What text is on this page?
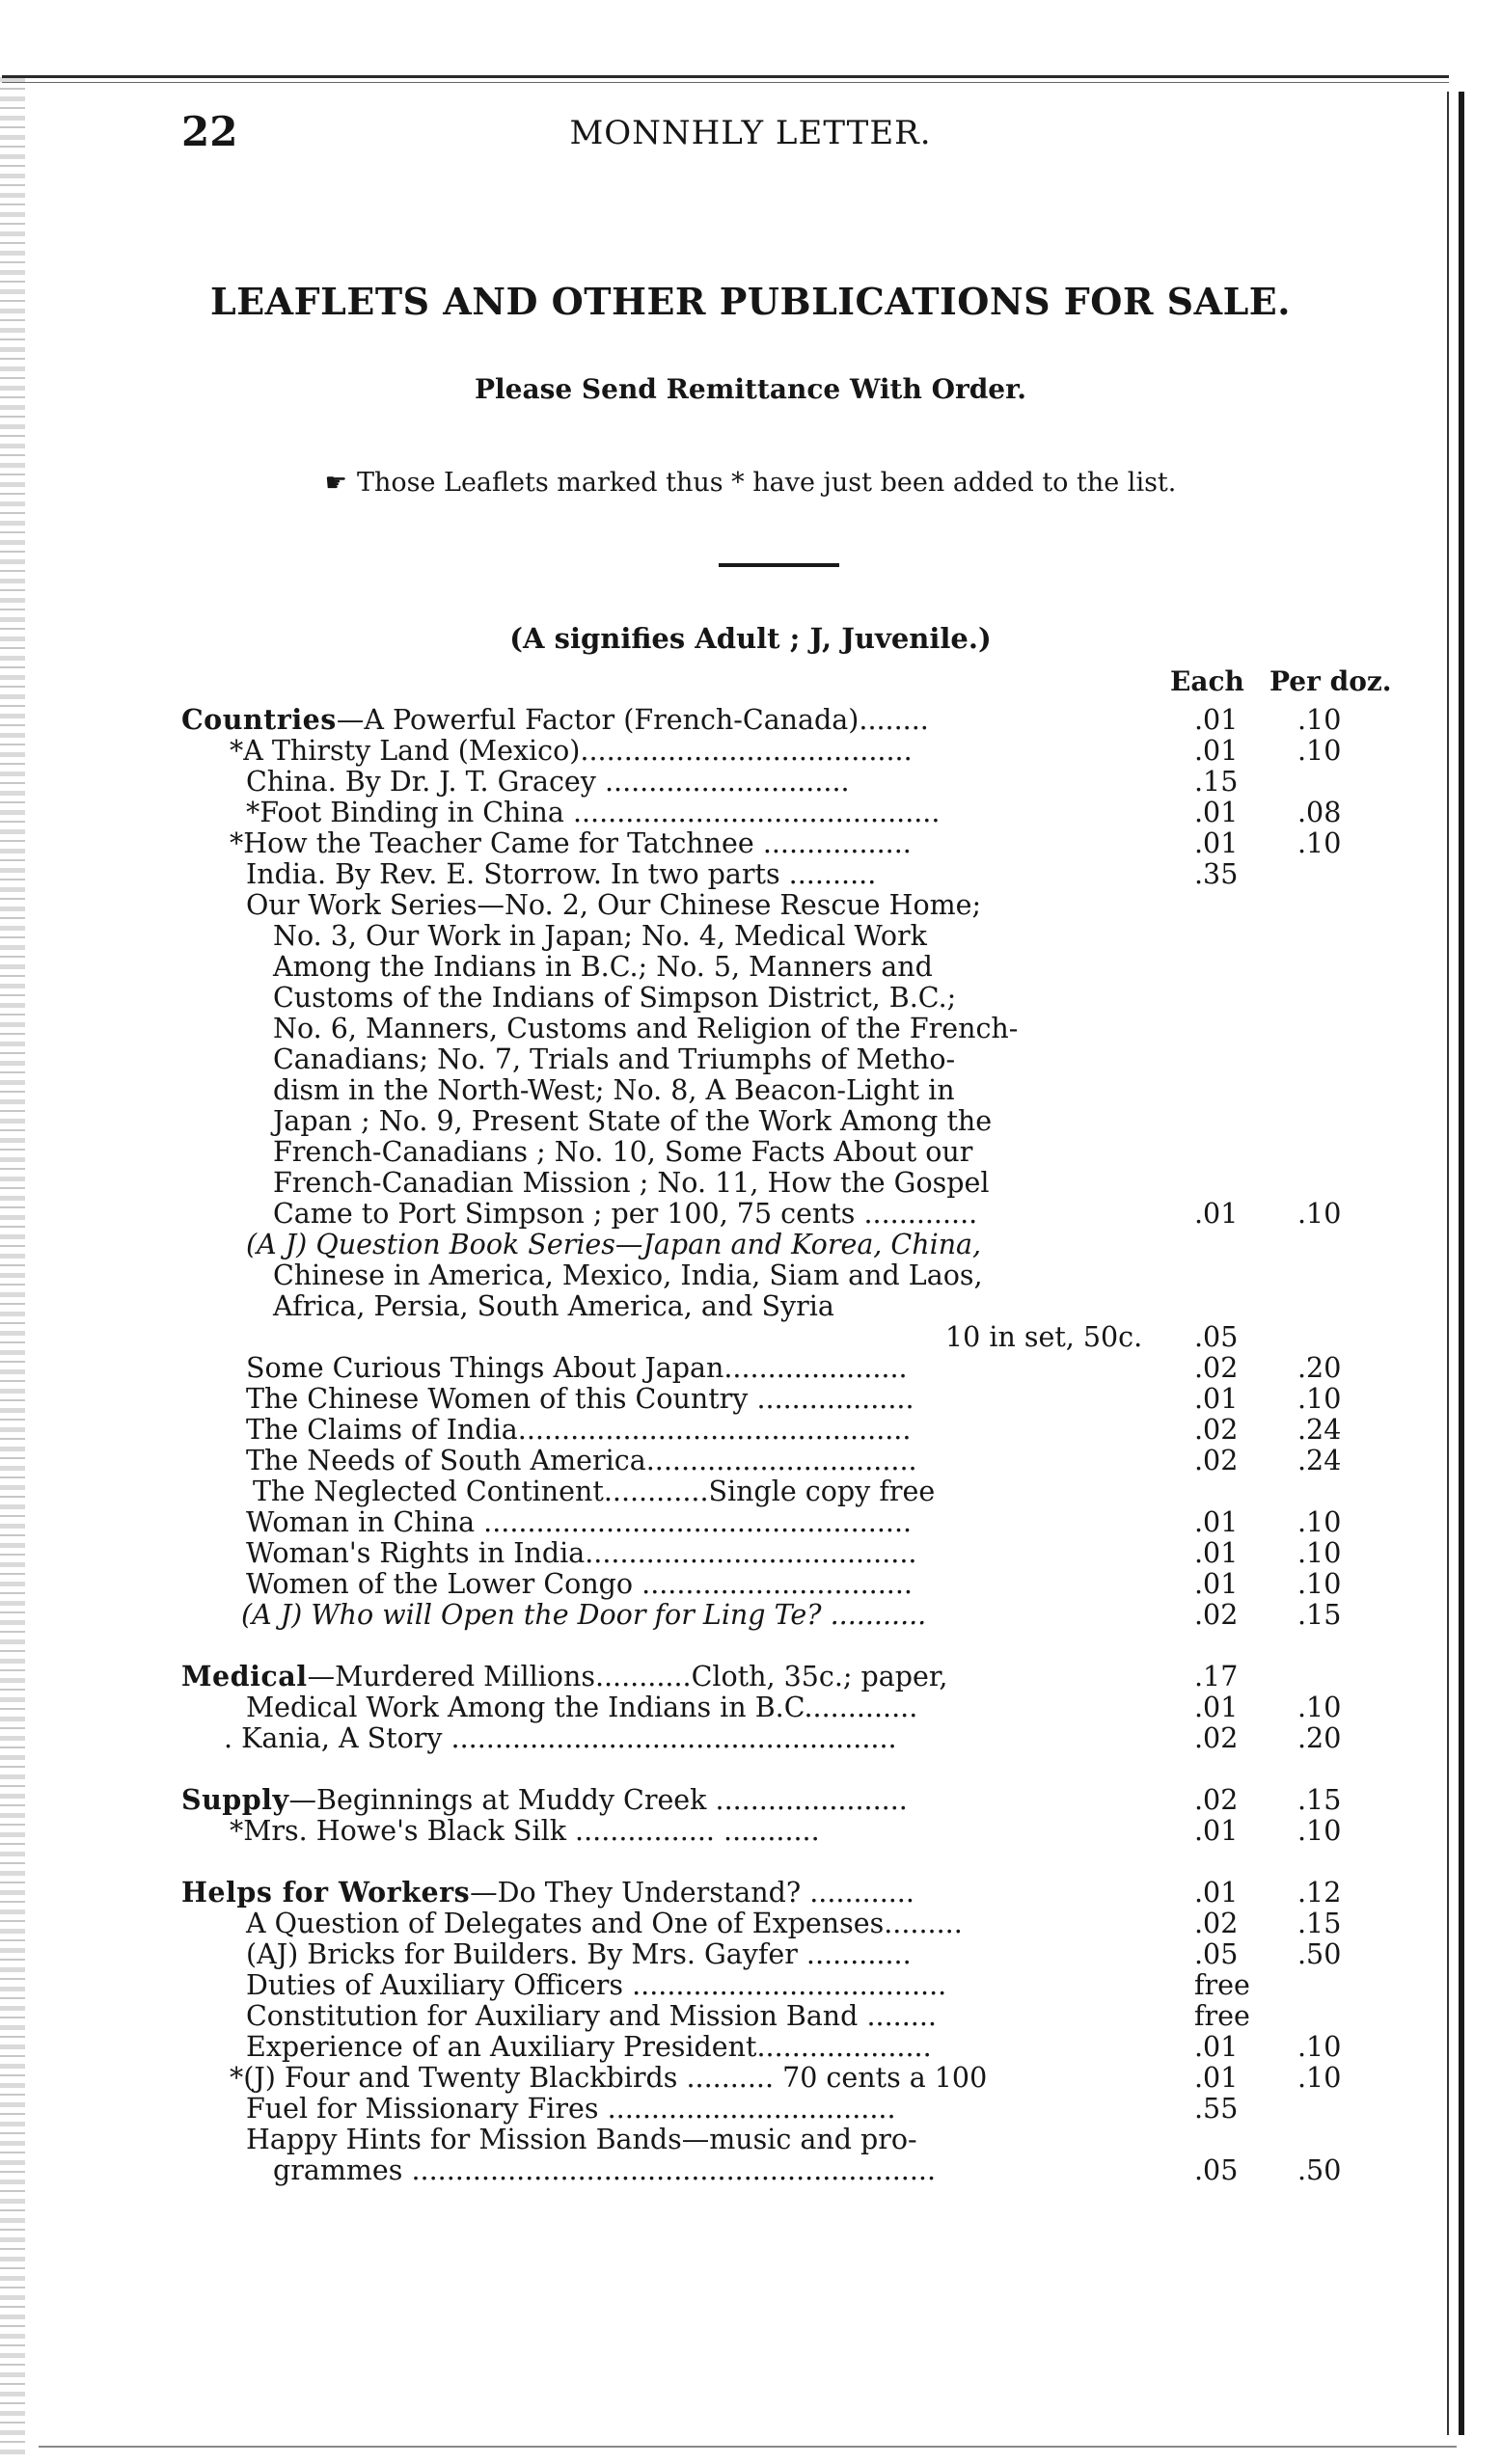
22	MONNHLY LETTER.
LEAFLETS AND OTHER PUBLICATIONS FOR SALE.
Please Send Remittance With Order.
☛ Those Leaflets marked thus * have just been added to the list.
(A signifies Adult ; J, Juvenile.)
Each Per doz.
Countries—A Powerful Factor (French-Canada)........	.01 .10
*A Thirsty Land (Mexico)......................................	.01 .10
China. By Dr. J. T. Gracey ............................	.15
*Foot Binding in China ..........................................	.01 .08
*How the Teacher Came for Tatchnee .................	.01 .10
India. By Rev. E. Storrow. In two parts ..........	.35
Our Work Series—No. 2, Our Chinese Rescue Home;
No. 3, Our Work in Japan; No. 4, Medical Work
Among the Indians in B.C.; No. 5, Manners and
Customs of the Indians of Simpson District, B.C.;
No. 6, Manners, Customs and Religion of the French-
Canadians; No. 7, Trials and Triumphs of Metho-
dism in the North-West; No. 8, A Beacon-Light in
Japan ; No. 9, Present State of the Work Among the
French-Canadians ; No. 10, Some Facts About our
French-Canadian Mission ; No. 11, How the Gospel
Came to Port Simpson ; per 100, 75 cents .............	.01 .10
(A J) Question Book Series—Japan and Korea, China,
Chinese in America, Mexico, India, Siam and Laos,
Africa, Persia, South America, and Syria
10 in set, 50c. .05
Some Curious Things About Japan.....................	.02 .20
The Chinese Women of this Country ..................	.01 .10
The Claims of India.............................................	.02 .24
The Needs of South America...............................	.02 .24
The Neglected Continent............Single copy free
Woman in China .................................................	.01 .10
Woman's Rights in India......................................	.01 .10
Women of the Lower Congo ...............................	.01 .10
(A J) Who will Open the Door for Ling Te? ...........	.02 .15
Medical—Murdered Millions...........Cloth, 35c.; paper,	.17
Medical Work Among the Indians in B.C.............	.01 .10
. Kania, A Story ...................................................	.02 .20
Supply—Beginnings at Muddy Creek ......................	.02 .15
*Mrs. Howe's Black Silk ................ ...........	.01 .10
Helps for Workers—Do They Understand? ............	.01 .12
A Question of Delegates and One of Expenses.........	.02 .15
(AJ) Bricks for Builders. By Mrs. Gayfer ............	.05 .50
Duties of Auxiliary Officers ....................................	free
Constitution for Auxiliary and Mission Band ........	free
Experience of an Auxiliary President....................	.01 .10
*(J) Four and Twenty Blackbirds .......... 70 cents a 100	.01 .10
Fuel for Missionary Fires .................................	.55
Happy Hints for Mission Bands—music and pro-
grammes ............................................................	.05 .50
